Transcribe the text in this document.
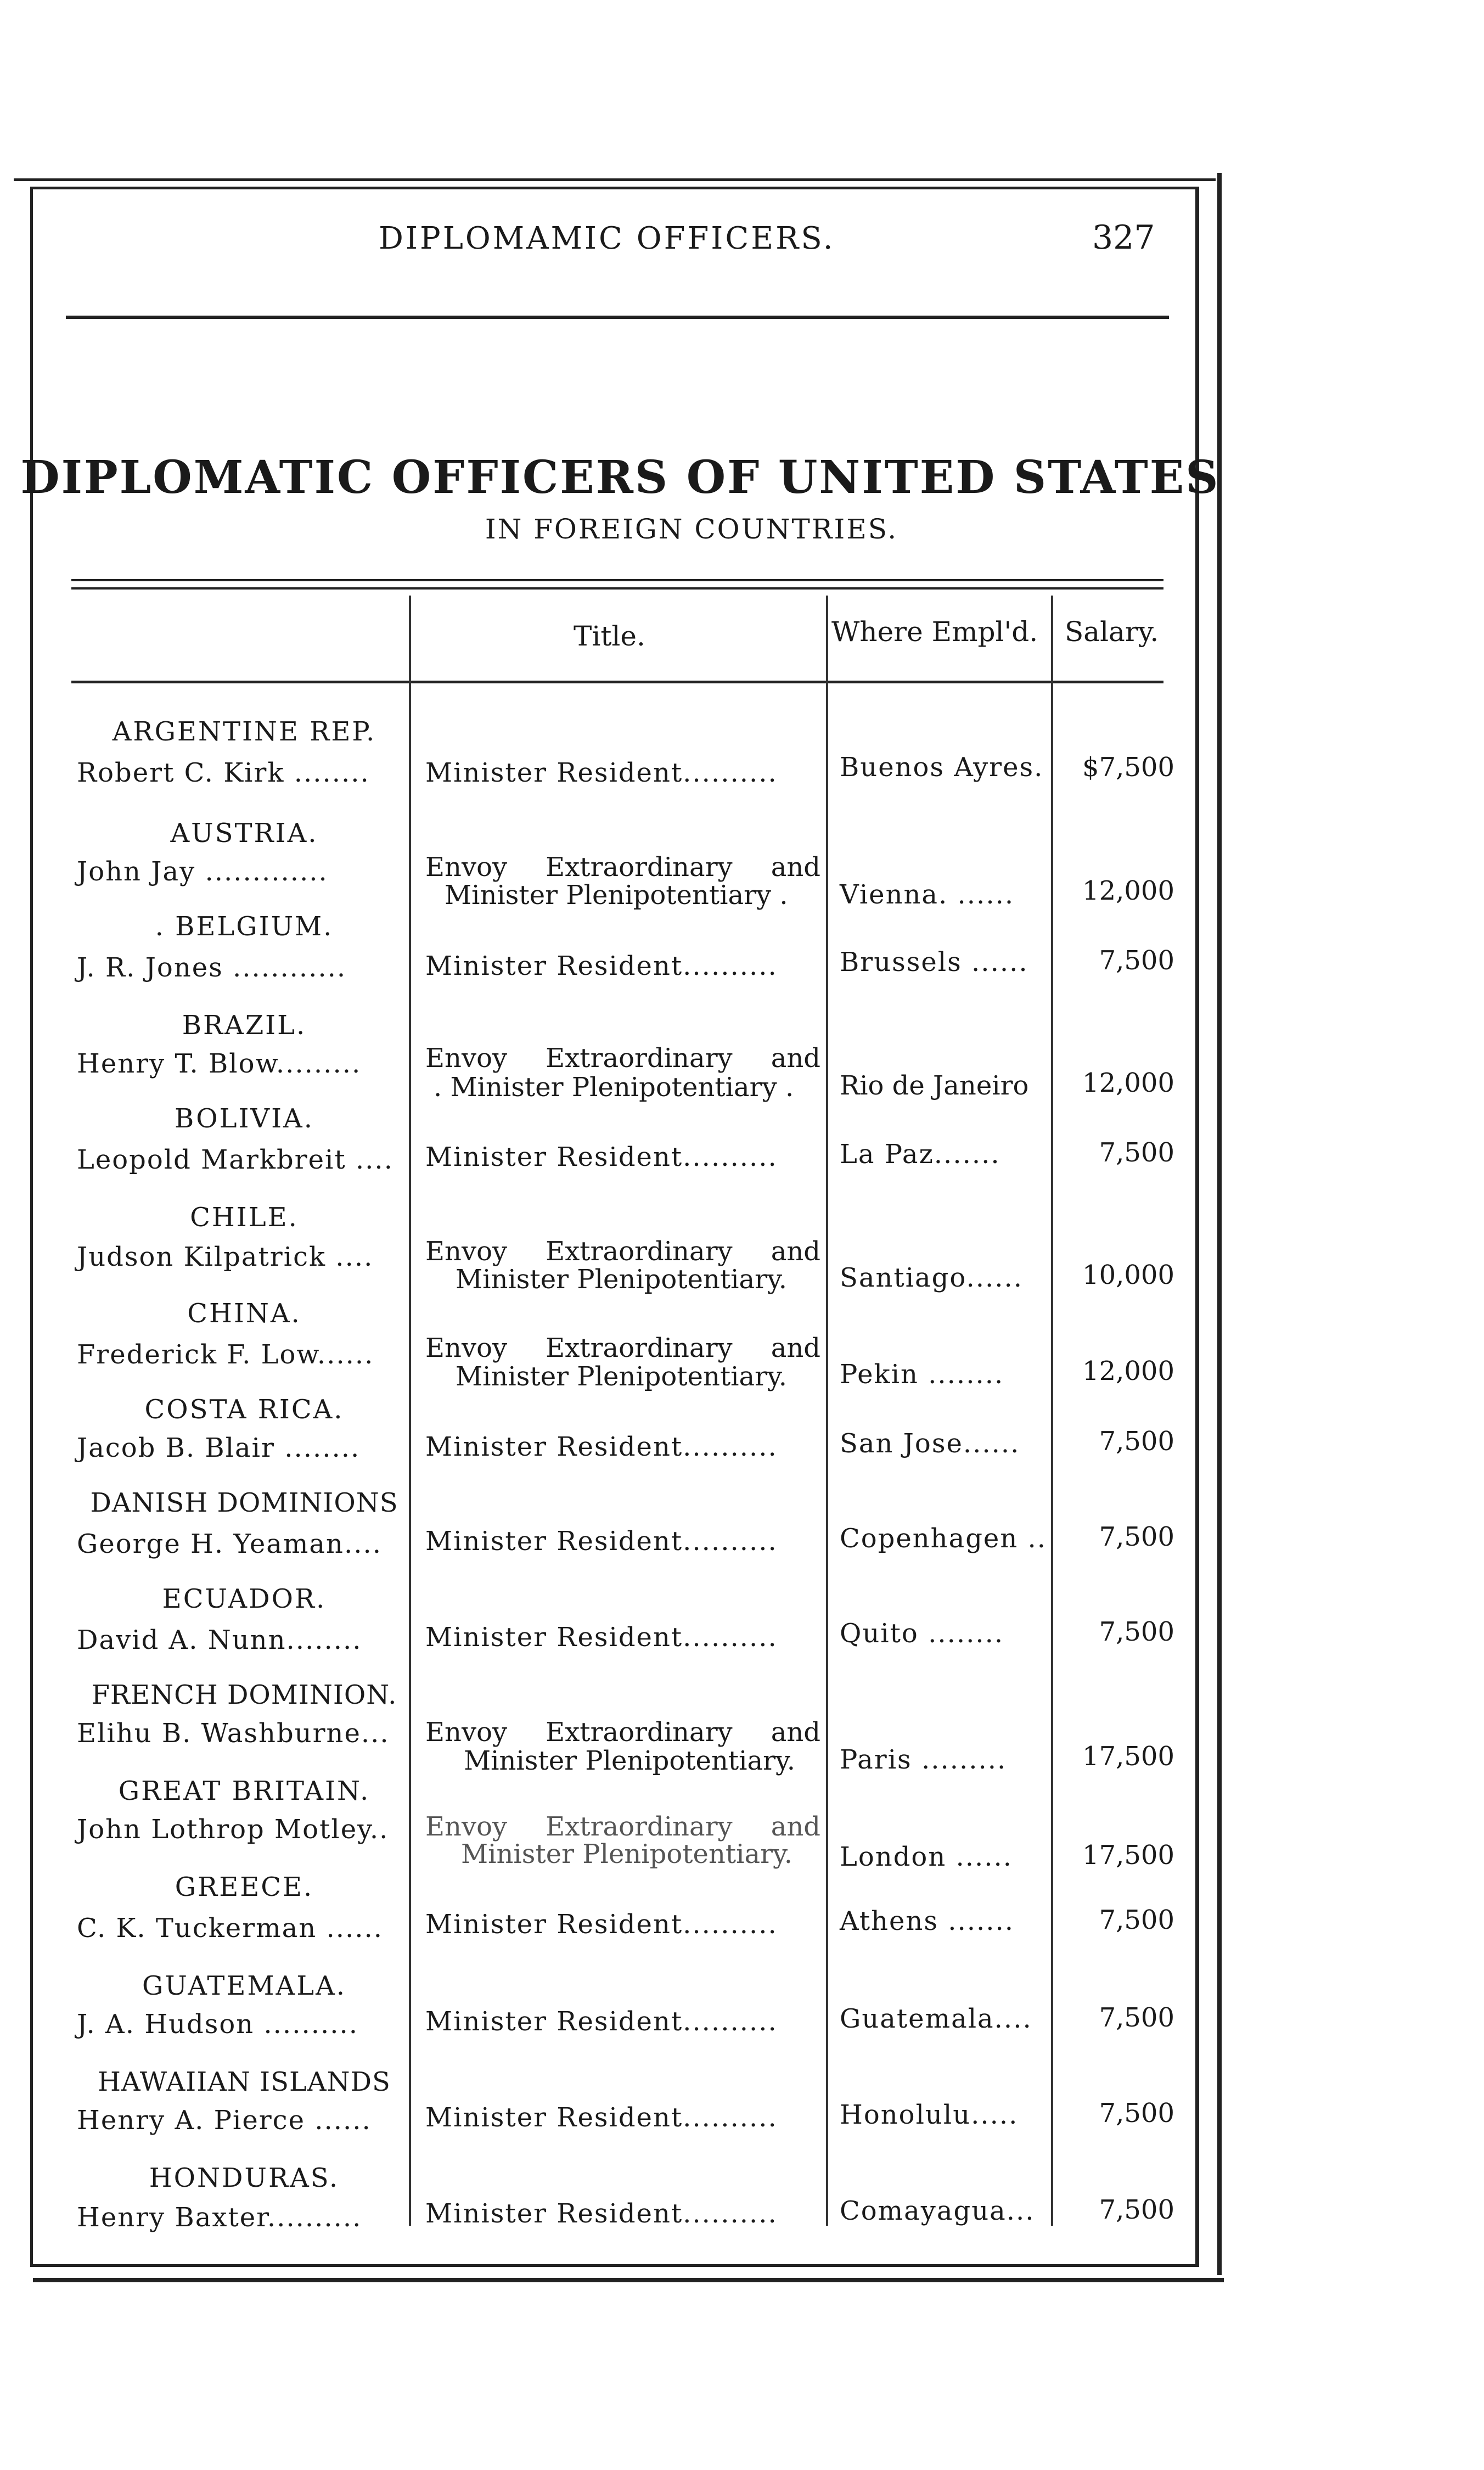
DIPLOMAMIC OFFICERS.	327
DIPLOMATIC OFFICERS OF UNITED STATES
IN FOREIGN COUNTRIES.
Title.	Where Empl'd. Salary.
ARGENTINE REP.
Robert C. Kirk ........	Minister Resident..........	Buenos Ayres.	$7,500
AUSTRIA.
John Jay .............	Envoy Extraordinary and
Minister Plenipotentiary .	Vienna. ......	12,000
. BELGIUM.
J. R. Jones ............	Minister Resident..........	Brussels ......	7,500
BRAZIL.
Henry T. Blow.........	Envoy Extraordinary and
. Minister Plenipotentiary .	Rio de Janeiro	12,000
BOLIVIA.
Leopold Markbreit ....	Minister Resident..........	La Paz.......	7,500
CHILE.
Judson Kilpatrick ....	Envoy Extraordinary and
Minister Plenipotentiary.	Santiago......	10,000
CHINA.
Frederick F. Low......	Envoy Extraordinary and
Minister Plenipotentiary.	Pekin ........	12,000
COSTA RICA.
Jacob B. Blair ........	Minister Resident..........	San Jose......	7,500
DANISH DOMINIONS
George H. Yeaman....	Minister Resident..........	Copenhagen ..	7,500
ECUADOR.
David A. Nunn........	Minister Resident..........	Quito ........	7,500
FRENCH DOMINION.
Elihu B. Washburne...	Envoy Extraordinary and
Minister Plenipotentiary.	Paris .........	17,500
GREAT BRITAIN.
John Lothrop Motley..	Envoy Extraordinary and
Minister Plenipotentiary.	London ......	17,500
GREECE.
C. K. Tuckerman ......	Minister Resident..........	Athens .......	7,500
GUATEMALA.
J. A. Hudson ..........	Minister Resident..........	Guatemala....	7,500
HAWAIIAN ISLANDS
Henry A. Pierce ......	Minister Resident..........	Honolulu.....	7,500
HONDURAS.
Henry Baxter..........	Minister Resident..........	Comayagua...	7,500
